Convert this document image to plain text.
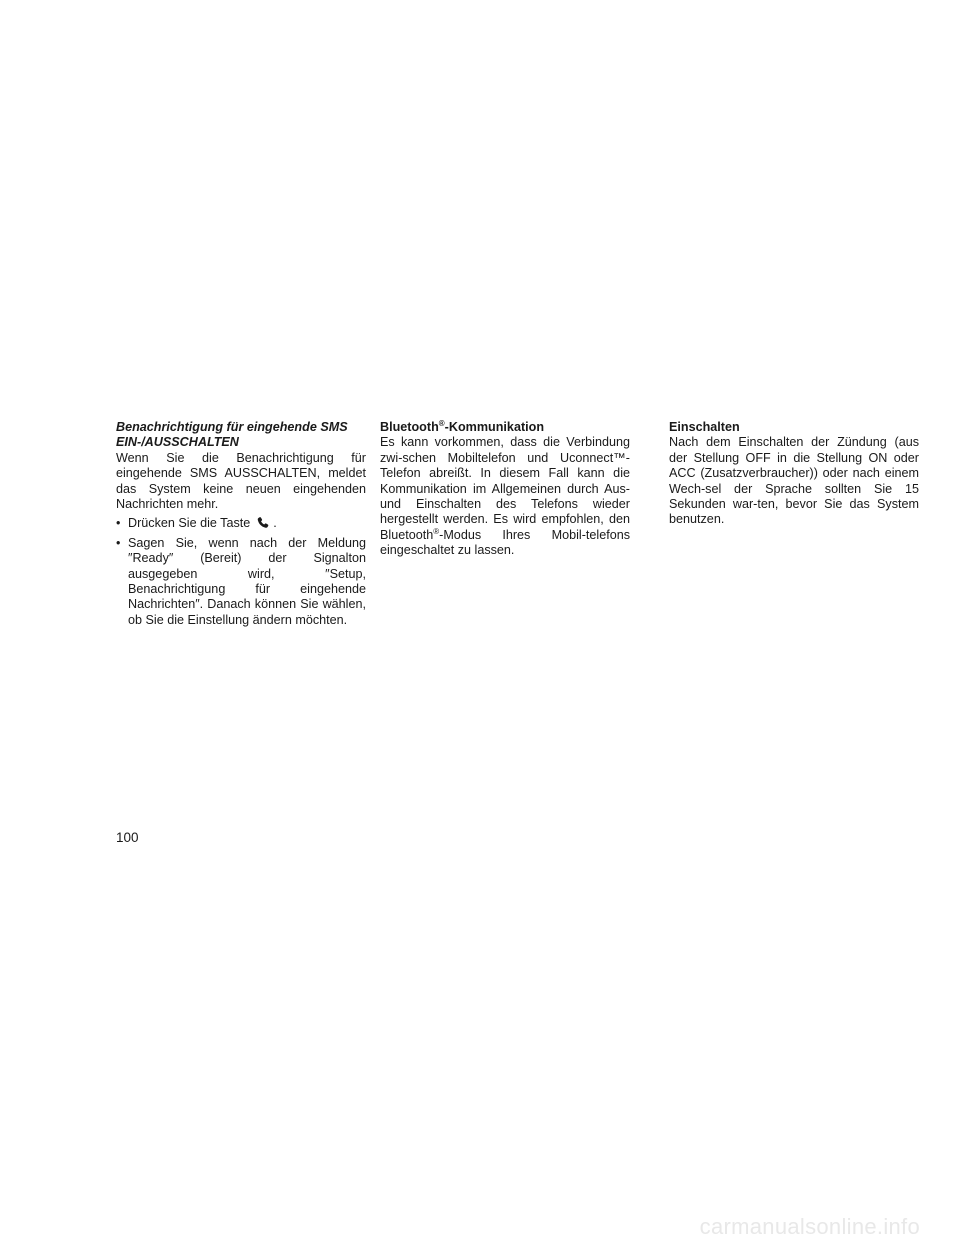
Benachrichtigung für eingehende SMS
EIN-/AUSSCHALTEN

Wenn Sie die Benachrichtigung für eingehende SMS AUSSCHALTEN, meldet das System keine neuen eingehenden Nachrichten mehr.

• Drücken Sie die Taste .
• Sagen Sie, wenn nach der Meldung ″Ready″ (Bereit) der Signalton ausgegeben wird, ″Setup, Benachrichtigung für eingehende Nachrichten″. Danach können Sie wählen, ob Sie die Einstellung ändern möchten.
Bluetooth®-Kommunikation

Es kann vorkommen, dass die Verbindung zwi-schen Mobiltelefon und Uconnect™-Telefon abreißt. In diesem Fall kann die Kommunikation im Allgemeinen durch Aus- und Einschalten des Telefons wieder hergestellt werden. Es wird empfohlen, den Bluetooth®-Modus Ihres Mobil-telefons eingeschaltet zu lassen.

Einschalten

Nach dem Einschalten der Zündung (aus der Stellung OFF in die Stellung ON oder ACC (Zusatzverbraucher)) oder nach einem Wech-sel der Sprache sollten Sie 15 Sekunden war-ten, bevor Sie das System benutzen.

100
carmanualsonline.info
